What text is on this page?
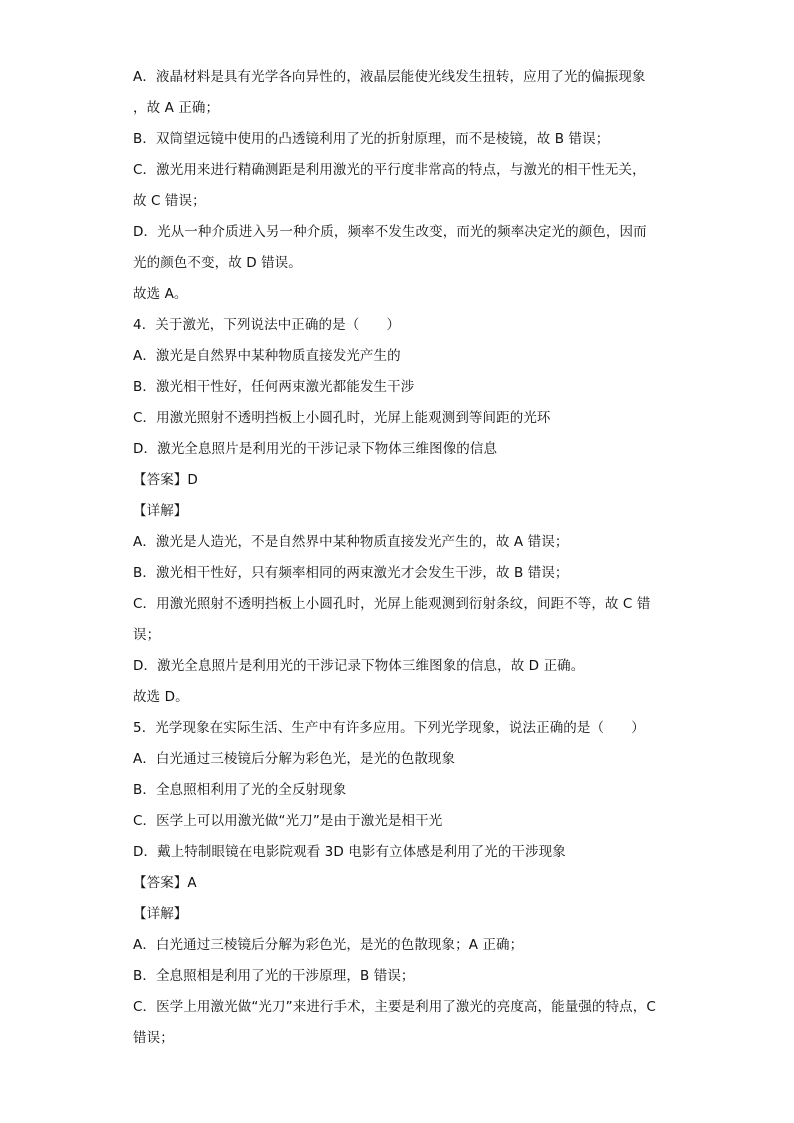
A．液晶材料是具有光学各向异性的，液晶层能使光线发生扭转，应用了光的偏振现象
，故 A 正确；
B．双筒望远镜中使用的凸透镜利用了光的折射原理，而不是棱镜，故 B 错误；
C．激光用来进行精确测距是利用激光的平行度非常高的特点，与激光的相干性无关，
故 C 错误；
D．光从一种介质进入另一种介质，频率不发生改变，而光的频率决定光的颜色，因而
光的颜色不变，故 D 错误。
故选 A。
4．关于激光，下列说法中正确的是（　　）
A．激光是自然界中某种物质直接发光产生的
B．激光相干性好，任何两束激光都能发生干涉
C．用激光照射不透明挡板上小圆孔时，光屏上能观测到等间距的光环
D．激光全息照片是利用光的干涉记录下物体三维图像的信息
【答案】D
【详解】
A．激光是人造光，不是自然界中某种物质直接发光产生的，故 A 错误；
B．激光相干性好，只有频率相同的两束激光才会发生干涉，故 B 错误；
C．用激光照射不透明挡板上小圆孔时，光屏上能观测到衍射条纹，间距不等，故 C 错
误；
D．激光全息照片是利用光的干涉记录下物体三维图象的信息，故 D 正确。
故选 D。
5．光学现象在实际生活、生产中有许多应用。下列光学现象，说法正确的是（　　）
A．白光通过三棱镜后分解为彩色光，是光的色散现象
B．全息照相利用了光的全反射现象
C．医学上可以用激光做“光刀”是由于激光是相干光
D．戴上特制眼镜在电影院观看 3D 电影有立体感是利用了光的干涉现象
【答案】A
【详解】
A．白光通过三棱镜后分解为彩色光，是光的色散现象；A 正确；
B．全息照相是利用了光的干涉原理，B 错误；
C．医学上用激光做“光刀”来进行手术，主要是利用了激光的亮度高，能量强的特点，C
错误；
